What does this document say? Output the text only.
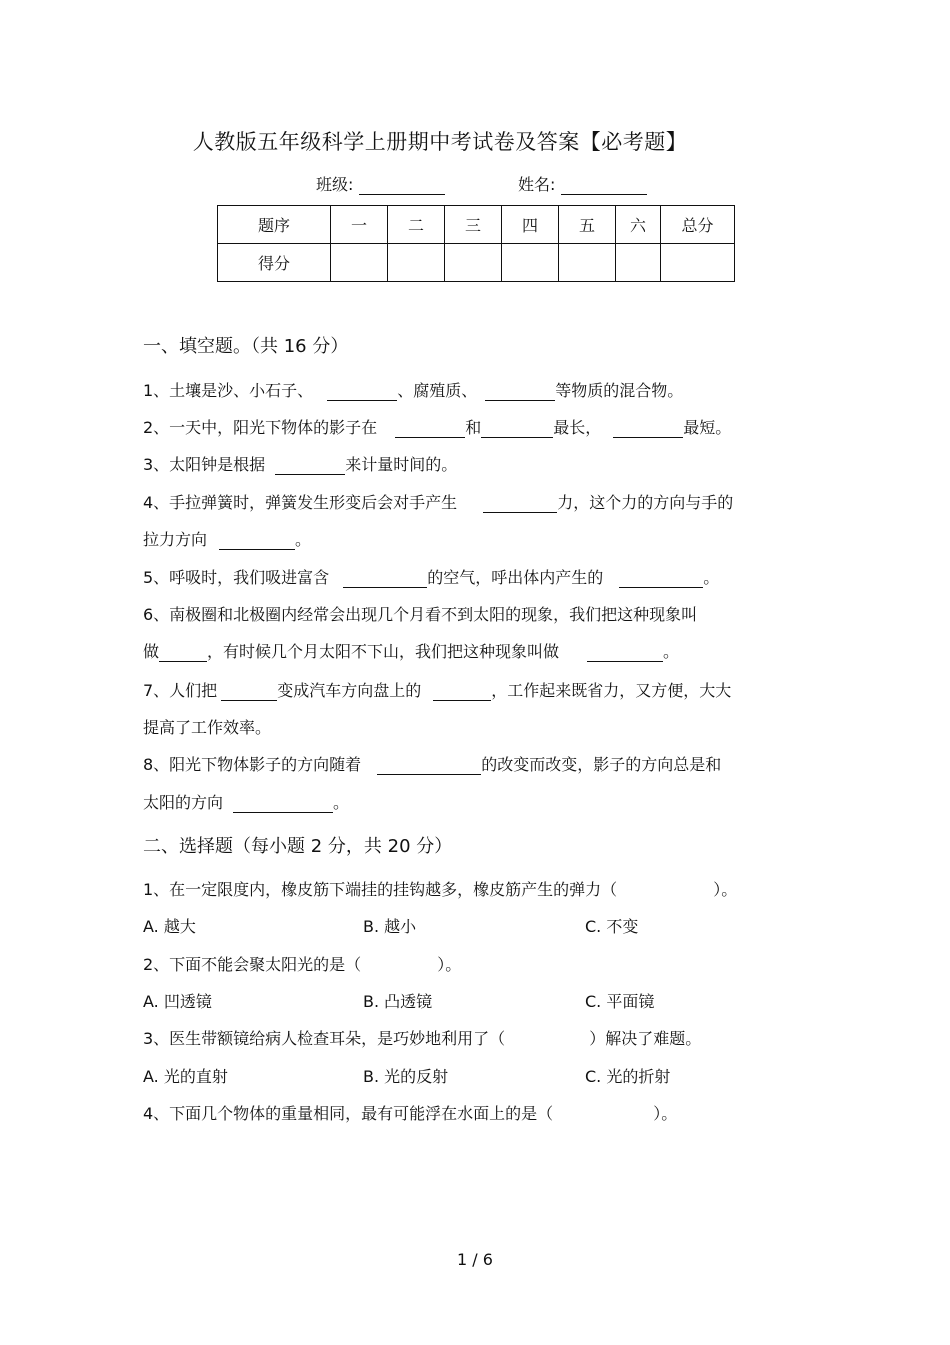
人教版五年级科学上册期中考试卷及答案【必考题】
班级:	姓名:
题序	一	二	三	四	五	六	总分
得分							
一、填空题。（共 16 分）
1、土壤是沙、小石子、	、腐殖质、	等物质的混合物。
2、一天中，阳光下物体的影子在	和	最长，	最短。
3、太阳钟是根据	来计量时间的。
4、手拉弹簧时，弹簧发生形变后会对手产生	力，这个力的方向与手的
拉力方向	。
5、呼吸时，我们吸进富含	的空气，呼出体内产生的	。
6、南极圈和北极圈内经常会出现几个月看不到太阳的现象，我们把这种现象叫
做	，有时候几个月太阳不下山，我们把这种现象叫做	。
7、人们把	变成汽车方向盘上的	，工作起来既省力，又方便，大大
提高了工作效率。
8、阳光下物体影子的方向随着	的改变而改变，影子的方向总是和
太阳的方向	。
二、选择题（每小题 2 分，共 20 分）
1、在一定限度内，橡皮筋下端挂的挂钩越多，橡皮筋产生的弹力（	）。
A. 越大	B. 越小	C. 不变
2、下面不能会聚太阳光的是（	）。
A. 凹透镜	B. 凸透镜	C. 平面镜
3、医生带额镜给病人检查耳朵，是巧妙地利用了（	）解决了难题。
A. 光的直射	B. 光的反射	C. 光的折射
4、下面几个物体的重量相同，最有可能浮在水面上的是（	）。
1 / 6
